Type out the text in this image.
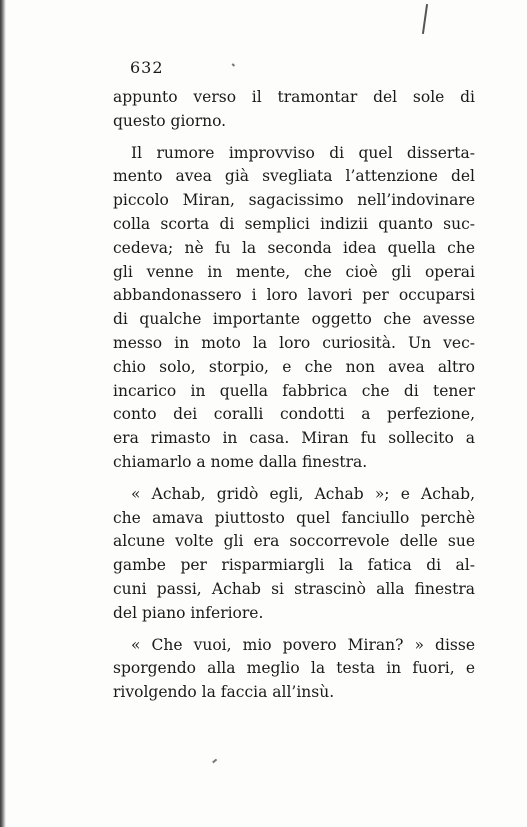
632
appunto verso il tramontar del sole di
questo giorno.
Il rumore improvviso di quel disserta-
mento avea già svegliata l’attenzione del
piccolo Miran, sagacissimo nell’indovinare
colla scorta di semplici indizii quanto suc-
cedeva; nè fu la seconda idea quella che
gli venne in mente, che cioè gli operai
abbandonassero i loro lavori per occuparsi
di qualche importante oggetto che avesse
messo in moto la loro curiosità. Un vec-
chio solo, storpio, e che non avea altro
incarico in quella fabbrica che di tener
conto dei coralli condotti a perfezione,
era rimasto in casa. Miran fu sollecito a
chiamarlo a nome dalla finestra.
« Achab, gridò egli, Achab »; e Achab,
che amava piuttosto quel fanciullo perchè
alcune volte gli era soccorrevole delle sue
gambe per risparmiargli la fatica di al-
cuni passi, Achab si strascinò alla finestra
del piano inferiore.
« Che vuoi, mio povero Miran? » disse
sporgendo alla meglio la testa in fuori, e
rivolgendo la faccia all’insù.
